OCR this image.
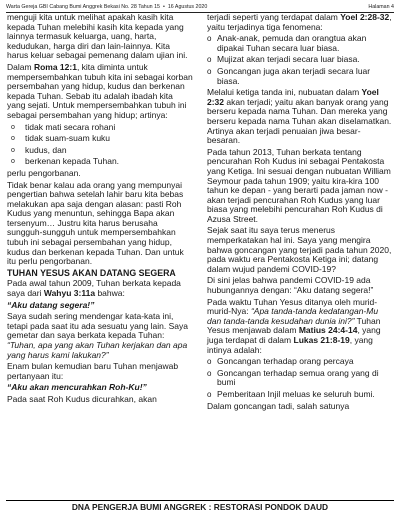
Warta Gereja GBI Cabang Bumi Anggrek Bekasi No. 28 Tahun 15 • 16 Agustus 2020	Halaman 4

menguji kita untuk melihat apakah kasih kita kepada Tuhan melebihi kasih kita kepada yang lainnya termasuk keluarga, uang, harta, kedudukan, harga diri dan lain-lainnya. Kita harus keluar sebagai pemenang dalam ujian ini.

Dalam Roma 12:1, kita diminta untuk mempersembahkan tubuh kita ini sebagai korban persembahan yang hidup, kudus dan berkenan kepada Tuhan. Sebab itu adalah ibadah kita yang sejati. Untuk mempersembahkan tubuh ini sebagai persembahan yang hidup; artinya:

o	tidak mati secara rohani
o	tidak suam-suam kuku
o	kudus, dan
o	berkenan kepada Tuhan.

perlu pengorbanan.

Tidak benar kalau ada orang yang mempunyai pengertian bahwa setelah lahir baru kita bebas melakukan apa saja dengan alasan: pasti Roh Kudus yang menuntun, sehingga Bapa akan tersenyum… Justru kita harus berusaha sungguh-sungguh untuk mempersembahkan tubuh ini sebagai persembahan yang hidup, kudus dan berkenan kepada Tuhan. Dan untuk itu perlu pengorbanan.

TUHAN YESUS AKAN DATANG SEGERA

Pada awal tahun 2009, Tuhan berkata kepada saya dari Wahyu 3:11a bahwa:

“Aku datang segera!”

Saya sudah sering mendengar kata-kata ini, tetapi pada saat itu ada sesuatu yang lain. Saya gemetar dan saya berkata kepada Tuhan: “Tuhan, apa yang akan Tuhan kerjakan dan apa yang harus kami lakukan?”

Enam bulan kemudian baru Tuhan menjawab pertanyaan itu:

“Aku akan mencurahkan Roh-Ku!”

Pada saat Roh Kudus dicurahkan, akan

terjadi seperti yang terdapat dalam Yoel 2:28-32, yaitu terjadinya tiga fenomena:

o Anak-anak, pemuda dan orangtua akan dipakai Tuhan secara luar biasa.
o Mujizat akan terjadi secara luar biasa.
o Goncangan juga akan terjadi secara luar biasa.

Melalui ketiga tanda ini, nubuatan dalam Yoel 2:32 akan terjadi; yaitu akan banyak orang yang berseru kepada nama Tuhan. Dan mereka yang berseru kepada nama Tuhan akan diselamatkan. Artinya akan terjadi penuaian jiwa besar-besaran.

Pada tahun 2013, Tuhan berkata tentang pencurahan Roh Kudus ini sebagai Pentakosta yang Ketiga. Ini sesuai dengan nubuatan William Seymour pada tahun 1909; yaitu kira-kira 100 tahun ke depan - yang berarti pada jaman now - akan terjadi pencurahan Roh Kudus yang luar biasa yang melebihi pencurahan Roh Kudus di Azusa Street.

Sejak saat itu saya terus menerus memperkatakan hal ini. Saya yang mengira bahwa goncangan yang terjadi pada tahun 2020, pada waktu era Pentakosta Ketiga ini; datang dalam wujud pandemi COVID-19?

Di sini jelas bahwa pandemi COVID-19 ada hubungannya dengan: “Aku datang segera!”

Pada waktu Tuhan Yesus ditanya oleh murid-murid-Nya: “Apa tanda-tanda kedatangan-Mu dan tanda-tanda kesudahan dunia ini?” Tuhan Yesus menjawab dalam Matius 24:4-14, yang juga terdapat di dalam Lukas 21:8-19, yang intinya adalah:

o Goncangan terhadap orang percaya
o Goncangan terhadap semua orang yang di bumi
o Pemberitaan Injil meluas ke seluruh bumi.

Dalam goncangan tadi, salah satunya

DNA PENGERJA BUMI ANGGREK : RESTORASI PONDOK DAUD
